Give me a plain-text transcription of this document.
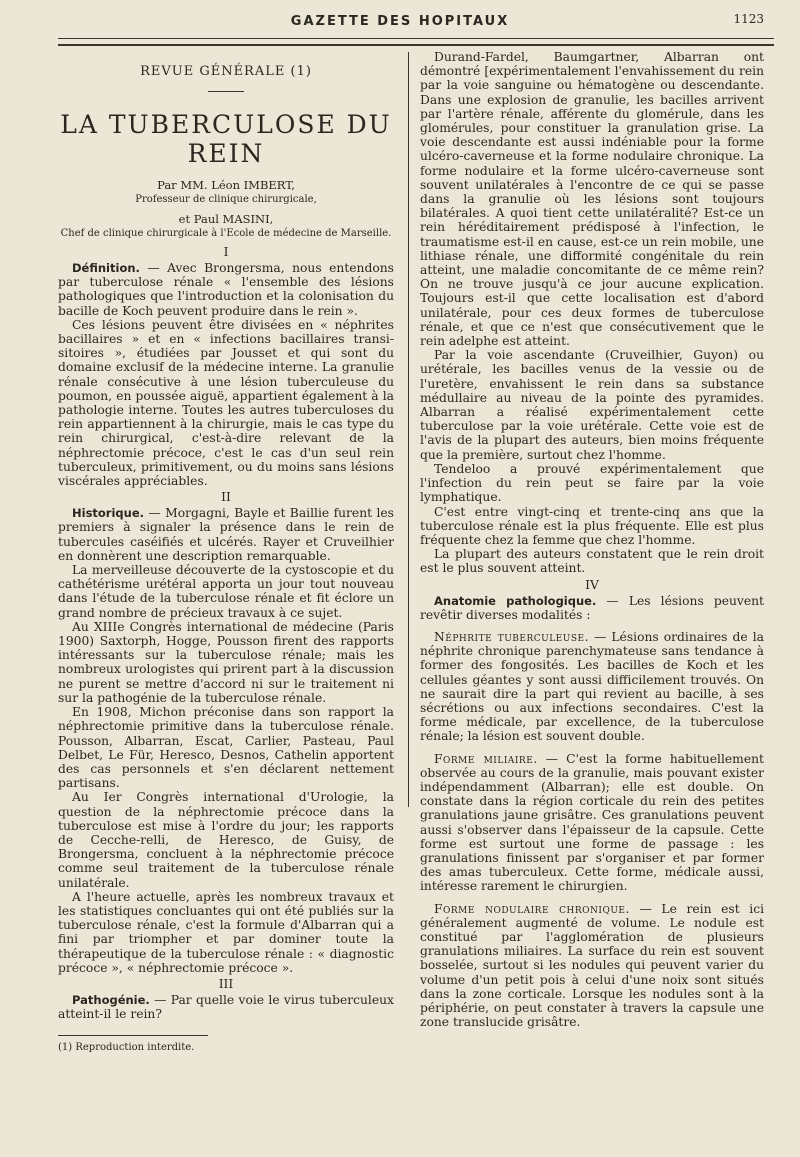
GAZETTE DES HOPITAUX	1123
REVUE GÉNÉRALE (1)
LA TUBERCULOSE DU REIN
Par MM. Léon IMBERT,
Professeur de clinique chirurgicale,
et Paul MASINI,
Chef de clinique chirurgicale à l'Ecole de médecine de Marseille.
I

Définition. — Avec Brongersma, nous entendons par tuberculose rénale « l'ensemble des lésions pathologiques que l'introduction et la colonisation du bacille de Koch peuvent produire dans le rein ».

Ces lésions peuvent être divisées en « néphrites bacillaires » et en « infections bacillaires transi-sitoires », étudiées par Jousset et qui sont du domaine exclusif de la médecine interne. La granulie rénale consécutive à une lésion tuberculeuse du poumon, en poussée aiguë, appartient également à la pathologie interne. Toutes les autres tuberculoses du rein appartiennent à la chirurgie, mais le cas type du rein chirurgical, c'est-à-dire relevant de la néphrectomie précoce, c'est le cas d'un seul rein tuberculeux, primitivement, ou du moins sans lésions viscérales appréciables.

II

Historique. — Morgagni, Bayle et Baillie furent les premiers à signaler la présence dans le rein de tubercules caséifiés et ulcérés. Rayer et Cruveilhier en donnèrent une description remarquable.

La merveilleuse découverte de la cystoscopie et du cathétérisme urétéral apporta un jour tout nouveau dans l'étude de la tuberculose rénale et fit éclore un grand nombre de précieux travaux à ce sujet.

Au XIIIe Congrès international de médecine (Paris 1900) Saxtorph, Hogge, Pousson firent des rapports intéressants sur la tuberculose rénale; mais les nombreux urologistes qui prirent part à la discussion ne purent se mettre d'accord ni sur le traitement ni sur la pathogénie de la tuberculose rénale.

En 1908, Michon préconise dans son rapport la néphrectomie primitive dans la tuberculose rénale. Pousson, Albarran, Escat, Carlier, Pasteau, Paul Delbet, Le Für, Heresco, Desnos, Cathelin apportent des cas personnels et s'en déclarent nettement partisans.

Au Ier Congrès international d'Urologie, la question de la néphrectomie précoce dans la tuberculose est mise à l'ordre du jour; les rapports de Cecche-relli, de Heresco, de Guisy, de Brongersma, concluent à la néphrectomie précoce comme seul traitement de la tuberculose rénale unilatérale.

A l'heure actuelle, après les nombreux travaux et les statistiques concluantes qui ont été publiés sur la tuberculose rénale, c'est la formule d'Albarran qui a fini par triompher et par dominer toute la thérapeutique de la tuberculose rénale : « diagnostic précoce », « néphrectomie précoce ».

III

Pathogénie. — Par quelle voie le virus tuberculeux atteint-il le rein?

(1) Reproduction interdite.

Durand-Fardel, Baumgartner, Albarran ont démontré [expérimentalement l'envahissement du rein par la voie sanguine ou hématogène ou descendante. Dans une explosion de granulie, les bacilles arrivent par l'artère rénale, afférente du glomérule, dans les glomérules, pour constituer la granulation grise. La voie descendante est aussi indéniable pour la forme ulcéro-caverneuse et la forme nodulaire chronique. La forme nodulaire et la forme ulcéro-caverneuse sont souvent unilatérales à l'encontre de ce qui se passe dans la granulie où les lésions sont toujours bilatérales. A quoi tient cette unilatéralité? Est-ce un rein héréditairement prédisposé à l'infection, le traumatisme est-il en cause, est-ce un rein mobile, une lithiase rénale, une difformité congénitale du rein atteint, une maladie concomitante de ce même rein? On ne trouve jusqu'à ce jour aucune explication. Toujours est-il que cette localisation est d'abord unilatérale, pour ces deux formes de tuberculose rénale, et que ce n'est que consécutivement que le rein adelphe est atteint.

Par la voie ascendante (Cruveilhier, Guyon) ou urétérale, les bacilles venus de la vessie ou de l'uretère, envahissent le rein dans sa substance médullaire au niveau de la pointe des pyramides. Albarran a réalisé expérimentalement cette tuberculose par la voie urétérale. Cette voie est de l'avis de la plupart des auteurs, bien moins fréquente que la première, surtout chez l'homme.

Tendeloo a prouvé expérimentalement que l'infection du rein peut se faire par la voie lymphatique.

C'est entre vingt-cinq et trente-cinq ans que la tuberculose rénale est la plus fréquente. Elle est plus fréquente chez la femme que chez l'homme.

La plupart des auteurs constatent que le rein droit est le plus souvent atteint.

IV

Anatomie pathologique. — Les lésions peuvent revêtir diverses modalités :

Néphrite tuberculeuse. — Lésions ordinaires de la néphrite chronique parenchymateuse sans tendance à former des fongosités. Les bacilles de Koch et les cellules géantes y sont aussi difficilement trouvés. On ne saurait dire la part qui revient au bacille, à ses sécrétions ou aux infections secondaires. C'est la forme médicale, par excellence, de la tuberculose rénale; la lésion est souvent double.

Forme miliaire. — C'est la forme habituellement observée au cours de la granulie, mais pouvant exister indépendamment (Albarran); elle est double. On constate dans la région corticale du rein des petites granulations jaune grisâtre. Ces granulations peuvent aussi s'observer dans l'épaisseur de la capsule. Cette forme est surtout une forme de passage : les granulations finissent par s'organiser et par former des amas tuberculeux. Cette forme, médicale aussi, intéresse rarement le chirurgien.

Forme nodulaire chronique. — Le rein est ici généralement augmenté de volume. Le nodule est constitué par l'agglomération de plusieurs granulations miliaires. La surface du rein est souvent bosselée, surtout si les nodules qui peuvent varier du volume d'un petit pois à celui d'une noix sont situés dans la zone corticale. Lorsque les nodules sont à la périphérie, on peut constater à travers la capsule une zone translucide grisâtre.
